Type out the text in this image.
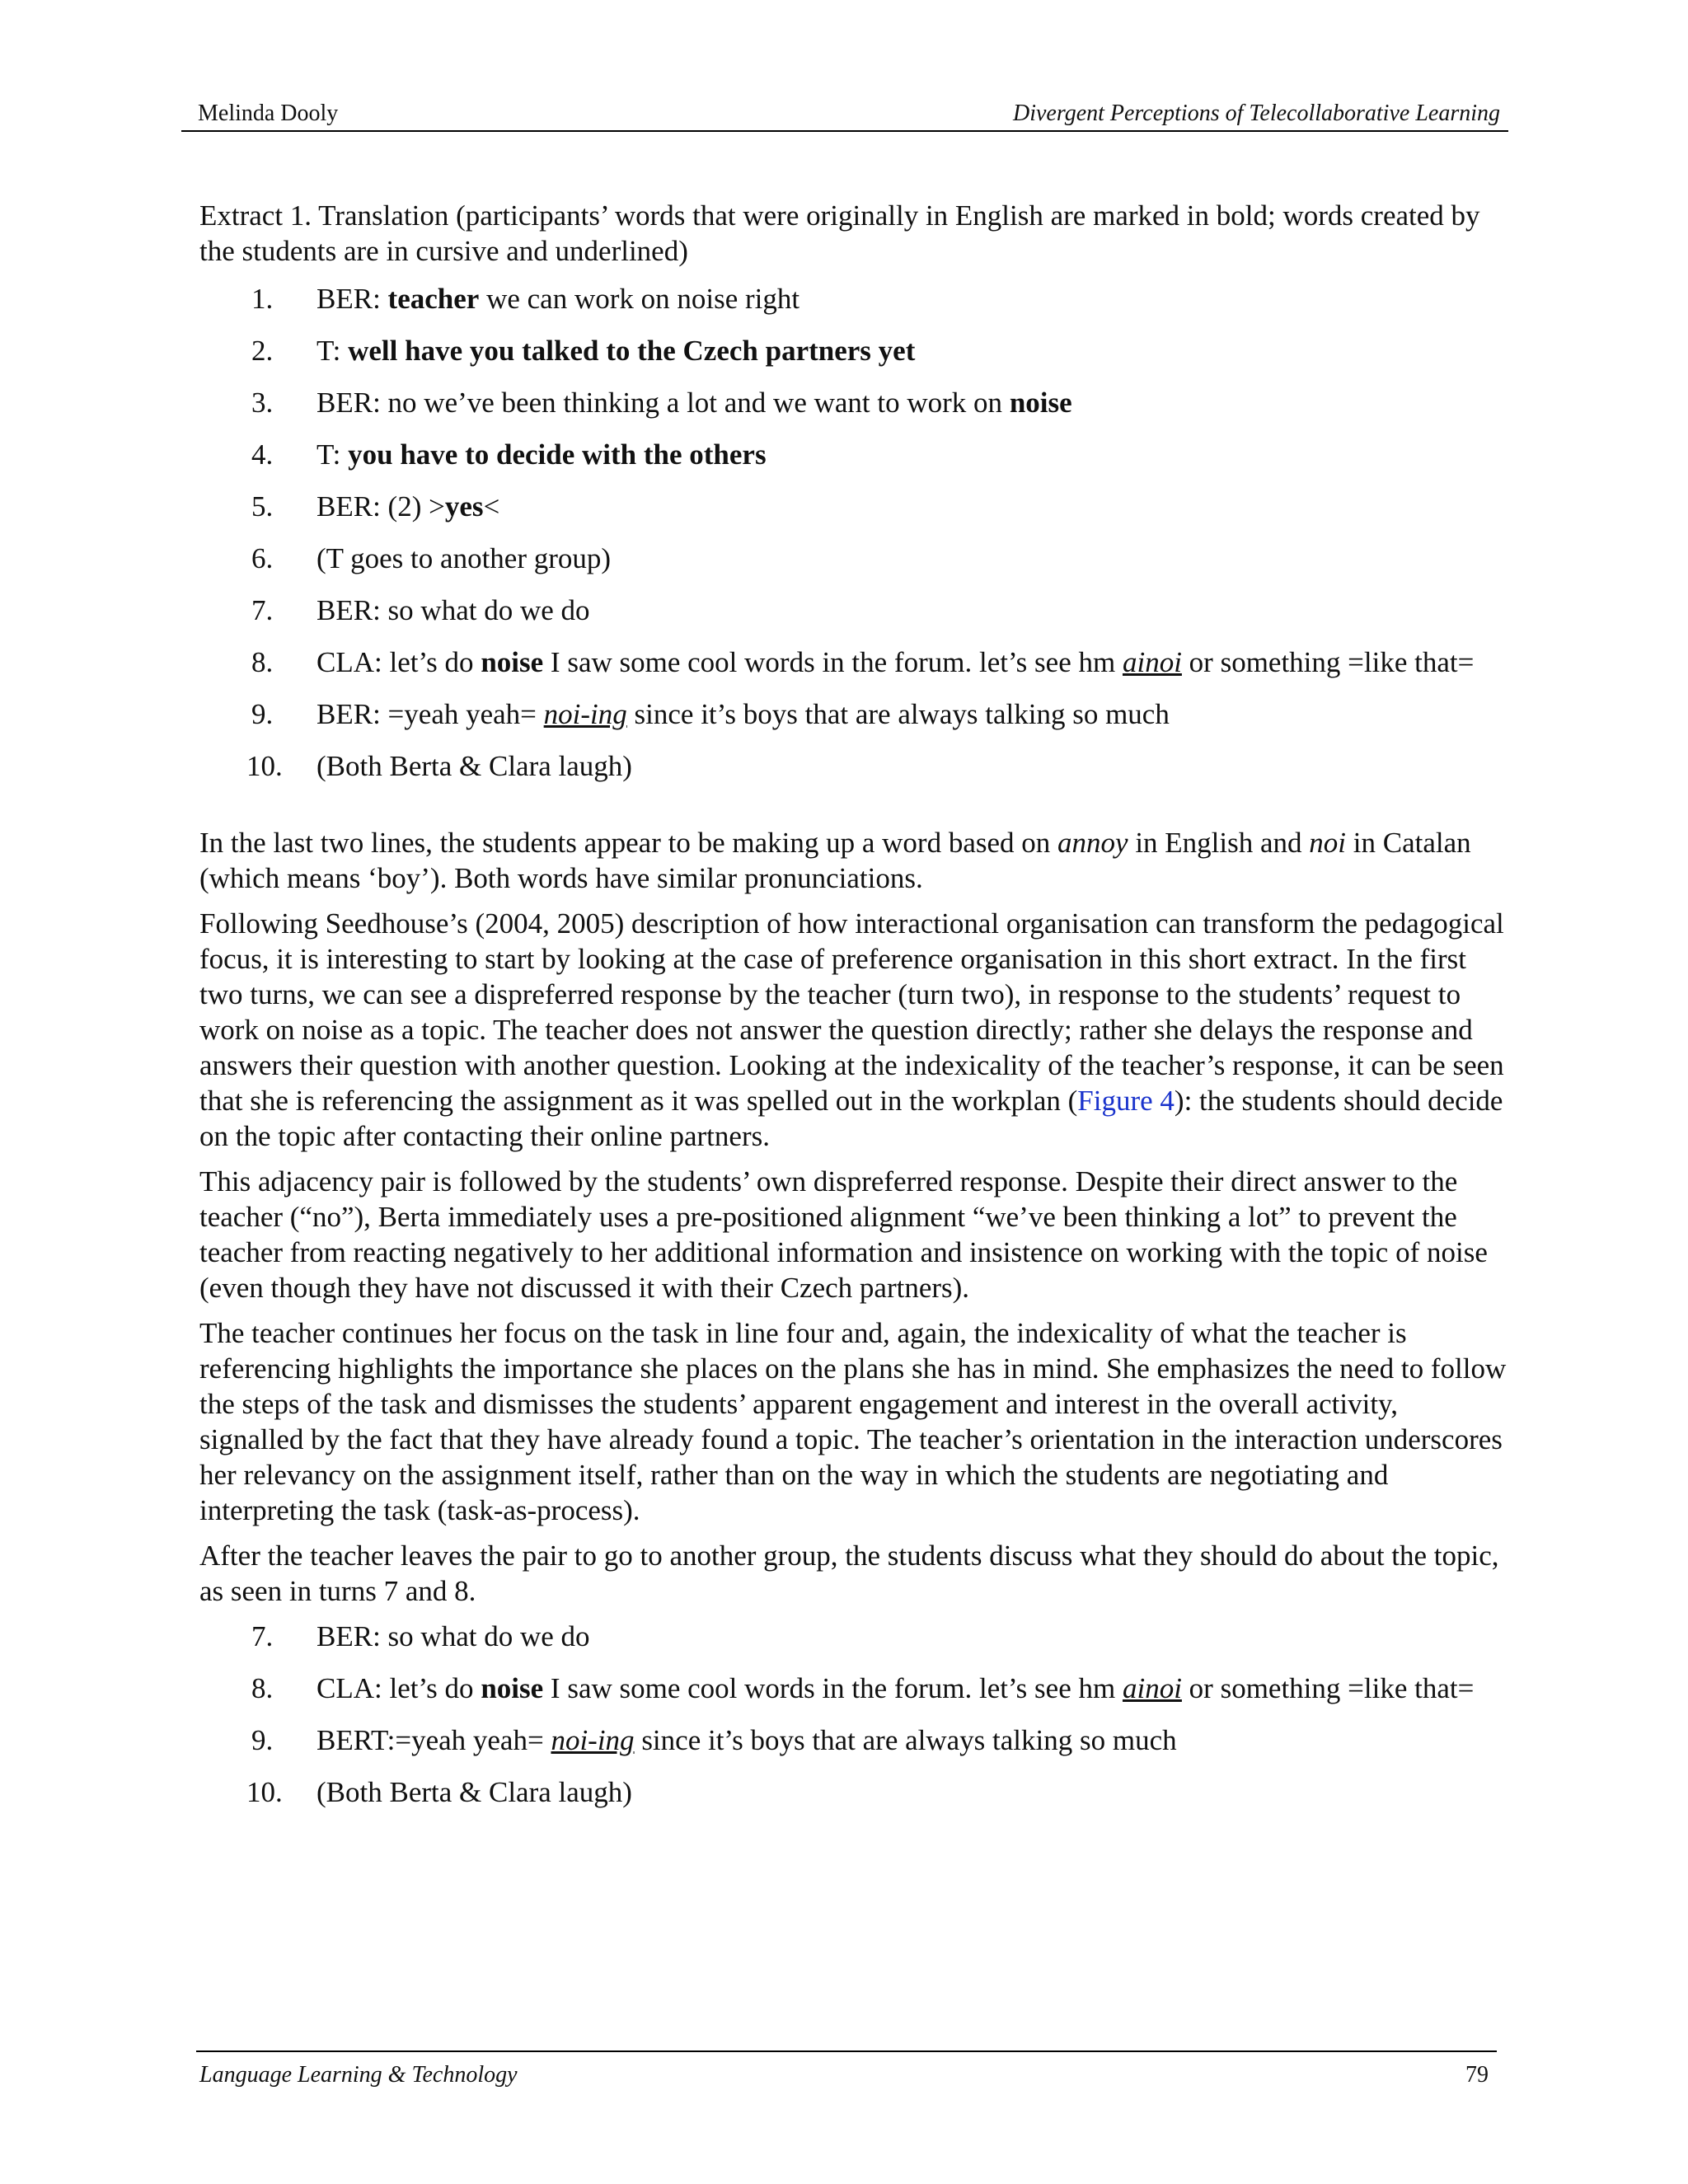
Melinda Dooly	Divergent Perceptions of Telecollaborative Learning

Extract 1. Translation (participants’ words that were originally in English are marked in bold; words created by the students are in cursive and underlined)

1.	BER: teacher we can work on noise right
2.	T: well have you talked to the Czech partners yet
3.	BER: no we’ve been thinking a lot and we want to work on noise
4.	T: you have to decide with the others
5.	BER: (2) >yes<
6.	(T goes to another group)
7.	BER: so what do we do
8.	CLA: let’s do noise I saw some cool words in the forum. let’s see hm ainoi or something =like that=
9.	BER: =yeah yeah= noi-ing since it’s boys that are always talking so much
10.	(Both Berta & Clara laugh)

In the last two lines, the students appear to be making up a word based on annoy in English and noi in Catalan (which means ‘boy’). Both words have similar pronunciations.

Following Seedhouse’s (2004, 2005) description of how interactional organisation can transform the pedagogical focus, it is interesting to start by looking at the case of preference organisation in this short extract. In the first two turns, we can see a dispreferred response by the teacher (turn two), in response to the students’ request to work on noise as a topic. The teacher does not answer the question directly; rather she delays the response and answers their question with another question. Looking at the indexicality of the teacher’s response, it can be seen that she is referencing the assignment as it was spelled out in the workplan (Figure 4): the students should decide on the topic after contacting their online partners.

This adjacency pair is followed by the students’ own dispreferred response. Despite their direct answer to the teacher (“no”), Berta immediately uses a pre-positioned alignment “we’ve been thinking a lot” to prevent the teacher from reacting negatively to her additional information and insistence on working with the topic of noise (even though they have not discussed it with their Czech partners).

The teacher continues her focus on the task in line four and, again, the indexicality of what the teacher is referencing highlights the importance she places on the plans she has in mind. She emphasizes the need to follow the steps of the task and dismisses the students’ apparent engagement and interest in the overall activity, signalled by the fact that they have already found a topic. The teacher’s orientation in the interaction underscores her relevancy on the assignment itself, rather than on the way in which the students are negotiating and interpreting the task (task-as-process).

After the teacher leaves the pair to go to another group, the students discuss what they should do about the topic, as seen in turns 7 and 8.

7.	BER: so what do we do
8.	CLA: let’s do noise I saw some cool words in the forum. let’s see hm ainoi or something =like that=
9.	BERT:=yeah yeah= noi-ing since it’s boys that are always talking so much
10.	(Both Berta & Clara laugh)
Language Learning & Technology	79
